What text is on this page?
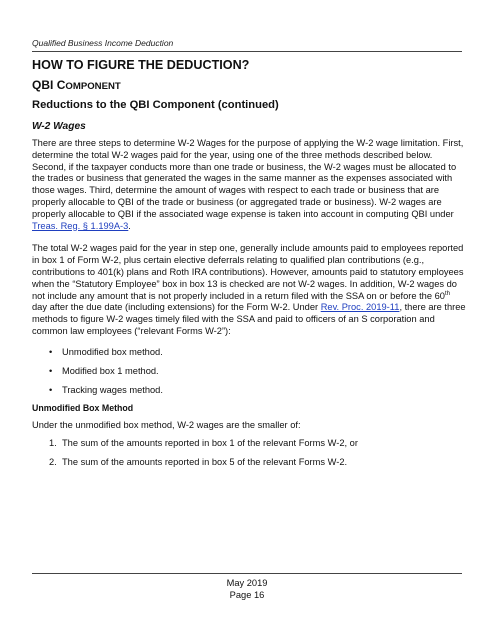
Qualified Business Income Deduction
HOW TO FIGURE THE DEDUCTION?
QBI COMPONENT
Reductions to the QBI Component (continued)
W-2 Wages

There are three steps to determine W-2 Wages for the purpose of applying the W-2 wage limitation. First, determine the total W-2 wages paid for the year, using one of the three methods described below. Second, if the taxpayer conducts more than one trade or business, the W-2 wages must be allocated to the trades or business that generated the wages in the same manner as the expenses associated with those wages. Third, determine the amount of wages with respect to each trade or business that are properly allocable to QBI of the trade or business (or aggregated trade or business). W-2 wages are properly allocable to QBI if the associated wage expense is taken into account in computing QBI under Treas. Reg. § 1.199A-3.

The total W-2 wages paid for the year in step one, generally include amounts paid to employees reported in box 1 of Form W-2, plus certain elective deferrals relating to qualified plan contributions (e.g., contributions to 401(k) plans and Roth IRA contributions). However, amounts paid to statutory employees when the “Statutory Employee” box in box 13 is checked are not W-2 wages. In addition, W-2 wages do not include any amount that is not properly included in a return filed with the SSA on or before the 60th day after the due date (including extensions) for the Form W-2. Under Rev. Proc. 2019-11, there are three methods to figure W-2 wages timely filed with the SSA and paid to officers of an S corporation and common law employees (“relevant Forms W-2”):

• Unmodified box method.
• Modified box 1 method.
• Tracking wages method.
Unmodified Box Method
Under the unmodified box method, W-2 wages are the smaller of:
1. The sum of the amounts reported in box 1 of the relevant Forms W-2, or
2. The sum of the amounts reported in box 5 of the relevant Forms W-2.
May 2019
Page 16
